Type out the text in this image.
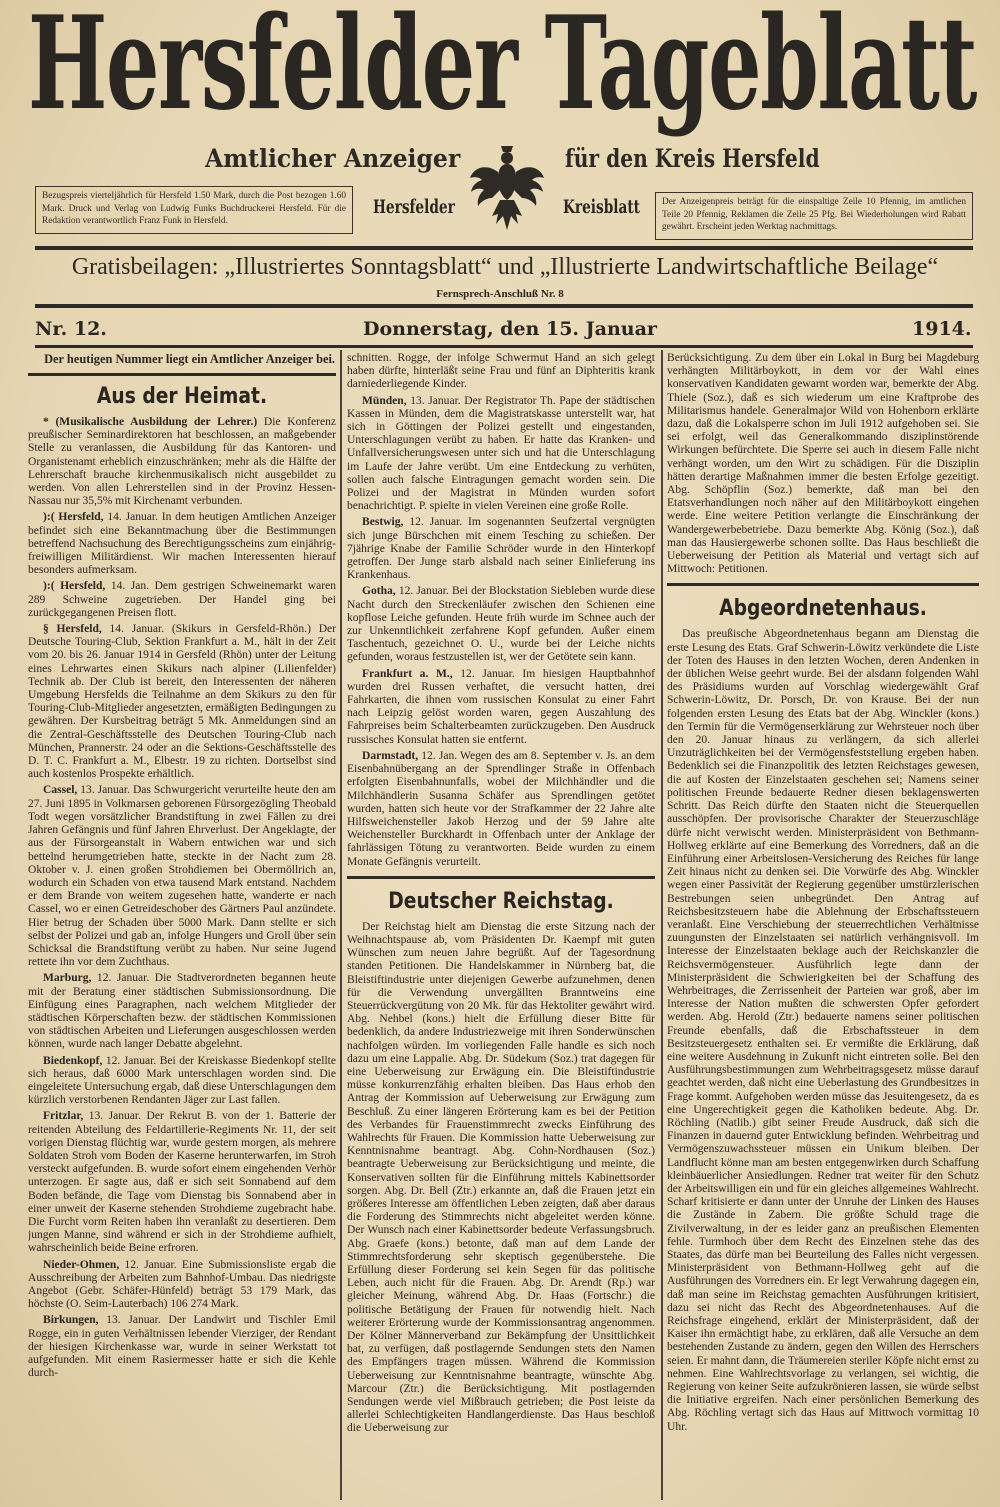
Hersfelder Tageblatt
Amtlicher Anzeiger	für den Kreis Hersfeld
Bezugspreis vierteljährlich für Hersfeld 1.50 Mark, durch die Post bezogen 1.60 Mark. Druck und Verlag von Ludwig Funks Buchdruckerei Hersfeld. Für die Redaktion verantwortlich Franz Funk in Hersfeld.
Der Anzeigenpreis beträgt für die einspaltige Zeile 10 Pfennig, im amtlichen Teile 20 Pfennig, Reklamen die Zeile 25 Pfg. Bei Wiederholungen wird Rabatt gewährt. Erscheint jeden Werktag nachmittags.
Hersfelder	Kreisblatt
Gratisbeilagen: „Illustriertes Sonntagsblatt“ und „Illustrierte Landwirtschaftliche Beilage“
Fernsprech-Anschluß Nr. 8
Nr. 12.	Donnerstag, den 15. Januar	1914.
Der heutigen Nummer liegt ein Amtlicher Anzeiger bei.
Aus der Heimat.

* (Musikalische Ausbildung der Lehrer.) Die Konferenz preußischer Seminardirektoren hat beschlossen, an maßgebender Stelle zu veranlassen, die Ausbildung für das Kantoren- und Organistenamt erheblich einzuschränken; mehr als die Hälfte der Lehrerschaft brauche kirchenmusikalisch nicht ausgebildet zu werden. Von allen Lehrerstellen sind in der Provinz Hessen-Nassau nur 35,5% mit Kirchenamt verbunden.

):( Hersfeld, 14. Januar. In dem heutigen Amtlichen Anzeiger befindet sich eine Bekanntmachung über die Bestimmungen betreffend Nachsuchung des Berechtigungsscheins zum einjährig-freiwilligen Militärdienst. Wir machen Interessenten hierauf besonders aufmerksam.

):( Hersfeld, 14. Jan. Dem gestrigen Schweinemarkt waren 289 Schweine zugetrieben. Der Handel ging bei zurückgegangenen Preisen flott.

§ Hersfeld, 14. Januar. (Skikurs in Gersfeld-Rhön.) Der Deutsche Touring-Club, Sektion Frankfurt a. M., hält in der Zeit vom 20. bis 26. Januar 1914 in Gersfeld (Rhön) unter der Leitung eines Lehrwartes einen Skikurs nach alpiner (Lilienfelder) Technik ab. Der Club ist bereit, den Interessenten der näheren Umgebung Hersfelds die Teilnahme an dem Skikurs zu den für Touring-Club-Mitglieder angesetzten, ermäßigten Bedingungen zu gewähren. Der Kursbeitrag beträgt 5 Mk. Anmeldungen sind an die Zentral-Geschäftsstelle des Deutschen Touring-Club nach München, Prannerstr. 24 oder an die Sektions-Geschäftsstelle des D. T. C. Frankfurt a. M., Elbestr. 19 zu richten. Dortselbst sind auch kostenlos Prospekte erhältlich.

Cassel, 13. Januar. Das Schwurgericht verurteilte heute den am 27. Juni 1895 in Volkmarsen geborenen Fürsorgezögling Theobald Todt wegen vorsätzlicher Brandstiftung in zwei Fällen zu drei Jahren Gefängnis und fünf Jahren Ehrverlust. Der Angeklagte, der aus der Fürsorgeanstalt in Wabern entwichen war und sich bettelnd herumgetrieben hatte, steckte in der Nacht zum 28. Oktober v. J. einen großen Strohdiemen bei Obermöllrich an, wodurch ein Schaden von etwa tausend Mark entstand. Nachdem er dem Brande von weitem zugesehen hatte, wanderte er nach Cassel, wo er einen Getreideschober des Gärtners Paul anzündete. Hier betrug der Schaden über 5000 Mark. Dann stellte er sich selbst der Polizei und gab an, infolge Hungers und Groll über sein Schicksal die Brandstiftung verübt zu haben. Nur seine Jugend rettete ihn vor dem Zuchthaus.

Marburg, 12. Januar. Die Stadtverordneten begannen heute mit der Beratung einer städtischen Submissionsordnung. Die Einfügung eines Paragraphen, nach welchem Mitglieder der städtischen Körperschaften bezw. der städtischen Kommissionen von städtischen Arbeiten und Lieferungen ausgeschlossen werden können, wurde nach langer Debatte abgelehnt.

Biedenkopf, 12. Januar. Bei der Kreiskasse Biedenkopf stellte sich heraus, daß 6000 Mark unterschlagen worden sind. Die eingeleitete Untersuchung ergab, daß diese Unterschlagungen dem kürzlich verstorbenen Rendanten Jäger zur Last fallen.

Fritzlar, 13. Januar. Der Rekrut B. von der 1. Batterie der reitenden Abteilung des Feldartillerie-Regiments Nr. 11, der seit vorigen Dienstag flüchtig war, wurde gestern morgen, als mehrere Soldaten Stroh vom Boden der Kaserne herunterwarfen, im Stroh versteckt aufgefunden. B. wurde sofort einem eingehenden Verhör unterzogen. Er sagte aus, daß er sich seit Sonnabend auf dem Boden befände, die Tage vom Dienstag bis Sonnabend aber in einer unweit der Kaserne stehenden Strohdieme zugebracht habe. Die Furcht vorm Reiten haben ihn veranlaßt zu desertieren. Dem jungen Manne, sind während er sich in der Strohdieme aufhielt, wahrscheinlich beide Beine erfroren.

Nieder-Ohmen, 12. Januar. Eine Submissionsliste ergab die Ausschreibung der Arbeiten zum Bahnhof-Umbau. Das niedrigste Angebot (Gebr. Schäfer-Hünfeld) beträgt 53 179 Mark, das höchste (O. Seim-Lauterbach) 106 274 Mark.

Birkungen, 13. Januar. Der Landwirt und Tischler Emil Rogge, ein in guten Verhältnissen lebender Vierziger, der Rendant der hiesigen Kirchenkasse war, wurde in seiner Werkstatt tot aufgefunden. Mit einem Rasiermesser hatte er sich die Kehle durch-

schnitten. Rogge, der infolge Schwermut Hand an sich gelegt haben dürfte, hinterläßt seine Frau und fünf an Diphteritis krank darniederliegende Kinder.

Münden, 13. Januar. Der Registrator Th. Pape der städtischen Kassen in Münden, dem die Magistratskasse unterstellt war, hat sich in Göttingen der Polizei gestellt und eingestanden, Unterschlagungen verübt zu haben. Er hatte das Kranken- und Unfallversicherungswesen unter sich und hat die Unterschlagung im Laufe der Jahre verübt. Um eine Entdeckung zu verhüten, sollen auch falsche Eintragungen gemacht worden sein. Die Polizei und der Magistrat in Münden wurden sofort benachrichtigt. P. spielte in vielen Vereinen eine große Rolle.

Bestwig, 12. Januar. Im sogenannten Seufzertal vergnügten sich junge Bürschchen mit einem Tesching zu schießen. Der 7jährige Knabe der Familie Schröder wurde in den Hinterkopf getroffen. Der Junge starb alsbald nach seiner Einlieferung ins Krankenhaus.

Gotha, 12. Januar. Bei der Blockstation Siebleben wurde diese Nacht durch den Streckenläufer zwischen den Schienen eine kopflose Leiche gefunden. Heute früh wurde im Schnee auch der zur Unkenntlichkeit zerfahrene Kopf gefunden. Außer einem Taschentuch, gezeichnet O. U., wurde bei der Leiche nichts gefunden, woraus festzustellen ist, wer der Getötete sein kann.

Frankfurt a. M., 12. Januar. Im hiesigen Hauptbahnhof wurden drei Russen verhaftet, die versucht hatten, drei Fahrkarten, die ihnen vom russischen Konsulat zu einer Fahrt nach Leipzig gelöst worden waren, gegen Auszahlung des Fahrpreises beim Schalterbeamten zurückzugeben. Den Ausdruck russisches Konsulat hatten sie entfernt.

Darmstadt, 12. Jan. Wegen des am 8. September v. Js. an dem Eisenbahnübergang an der Sprendlinger Straße in Offenbach erfolgten Eisenbahnunfalls, wobei der Milchhändler und die Milchhändlerin Susanna Schäfer aus Sprendlingen getötet wurden, hatten sich heute vor der Strafkammer der 22 Jahre alte Hilfsweichensteller Jakob Herzog und der 59 Jahre alte Weichensteller Burckhardt in Offenbach unter der Anklage der fahrlässigen Tötung zu verantworten. Beide wurden zu einem Monate Gefängnis verurteilt.

Deutscher Reichstag.

Der Reichstag hielt am Dienstag die erste Sitzung nach der Weihnachtspause ab, vom Präsidenten Dr. Kaempf mit guten Wünschen zum neuen Jahre begrüßt. Auf der Tagesordnung standen Petitionen. Die Handelskammer in Nürnberg bat, die Bleistiftindustrie unter diejenigen Gewerbe aufzunehmen, denen für die Verwendung unvergällten Branntweins eine Steuerrückvergütung von 20 Mk. für das Hektoliter gewährt wird. Abg. Nehbel (kons.) hielt die Erfüllung dieser Bitte für bedenklich, da andere Industriezweige mit ihren Sonderwünschen nachfolgen würden. Im vorliegenden Falle handle es sich noch dazu um eine Lappalie. Abg. Dr. Südekum (Soz.) trat dagegen für eine Ueberweisung zur Erwägung ein. Die Bleistiftindustrie müsse konkurrenzfähig erhalten bleiben. Das Haus erhob den Antrag der Kommission auf Ueberweisung zur Erwägung zum Beschluß. Zu einer längeren Erörterung kam es bei der Petition des Verbandes für Frauenstimmrecht zwecks Einführung des Wahlrechts für Frauen. Die Kommission hatte Ueberweisung zur Kenntnisnahme beantragt. Abg. Cohn-Nordhausen (Soz.) beantragte Ueberweisung zur Berücksichtigung und meinte, die Konservativen sollten für die Einführung mittels Kabinettsorder sorgen. Abg. Dr. Bell (Ztr.) erkannte an, daß die Frauen jetzt ein größeres Interesse am öffentlichen Leben zeigten, daß aber daraus die Forderung des Stimmrechts nicht abgeleitet werden könne. Der Wunsch nach einer Kabinettsorder bedeute Verfassungsbruch. Abg. Graefe (kons.) betonte, daß man auf dem Lande der Stimmrechtsforderung sehr skeptisch gegenüberstehe. Die Erfüllung dieser Forderung sei kein Segen für das politische Leben, auch nicht für die Frauen. Abg. Dr. Arendt (Rp.) war gleicher Meinung, während Abg. Dr. Haas (Fortschr.) die politische Betätigung der Frauen für notwendig hielt. Nach weiterer Erörterung wurde der Kommissionsantrag angenommen. Der Kölner Männerverband zur Bekämpfung der Unsittlichkeit bat, zu verfügen, daß postlagernde Sendungen stets den Namen des Empfängers tragen müssen. Während die Kommission Ueberweisung zur Kenntnisnahme beantragte, wünschte Abg. Marcour (Ztr.) die Berücksichtigung. Mit postlagernden Sendungen werde viel Mißbrauch getrieben; die Post leiste da allerlei Schlechtigkeiten Handlangerdienste. Das Haus beschloß die Ueberweisung zur

Berücksichtigung. Zu dem über ein Lokal in Burg bei Magdeburg verhängten Militärboykott, in dem vor der Wahl eines konservativen Kandidaten gewarnt worden war, bemerkte der Abg. Thiele (Soz.), daß es sich wiederum um eine Kraftprobe des Militarismus handele. Generalmajor Wild von Hohenborn erklärte dazu, daß die Lokalsperre schon im Juli 1912 aufgehoben sei. Sie sei erfolgt, weil das Generalkommando disziplinstörende Wirkungen befürchtete. Die Sperre sei auch in diesem Falle nicht verhängt worden, um den Wirt zu schädigen. Für die Disziplin hätten derartige Maßnahmen immer die besten Erfolge gezeitigt. Abg. Schöpflin (Soz.) bemerkte, daß man bei den Etatsverhandlungen noch näher auf den Militärboykott eingehen werde. Eine weitere Petition verlangte die Einschränkung der Wandergewerbebetriebe. Dazu bemerkte Abg. König (Soz.), daß man das Hausiergewerbe schonen sollte. Das Haus beschließt die Ueberweisung der Petition als Material und vertagt sich auf Mittwoch: Petitionen.

Abgeordnetenhaus.

Das preußische Abgeordnetenhaus begann am Dienstag die erste Lesung des Etats. Graf Schwerin-Löwitz verkündete die Liste der Toten des Hauses in den letzten Wochen, deren Andenken in der üblichen Weise geehrt wurde. Bei der alsdann folgenden Wahl des Präsidiums wurden auf Vorschlag wiedergewählt Graf Schwerin-Löwitz, Dr. Porsch, Dr. von Krause. Bei der nun folgenden ersten Lesung des Etats bat der Abg. Winckler (kons.) den Termin für die Vermögenserklärung zur Wehrsteuer noch über den 20. Januar hinaus zu verlängern, da sich allerlei Unzuträglichkeiten bei der Vermögensfeststellung ergeben haben. Bedenklich sei die Finanzpolitik des letzten Reichstages gewesen, die auf Kosten der Einzelstaaten geschehen sei; Namens seiner politischen Freunde bedauerte Redner diesen beklagenswerten Schritt. Das Reich dürfte den Staaten nicht die Steuerquellen ausschöpfen. Der provisorische Charakter der Steuerzuschläge dürfe nicht verwischt werden. Ministerpräsident von Bethmann-Hollweg erklärte auf eine Bemerkung des Vorredners, daß an die Einführung einer Arbeitslosen-Versicherung des Reiches für lange Zeit hinaus nicht zu denken sei. Die Vorwürfe des Abg. Winckler wegen einer Passivität der Regierung gegenüber umstürzlerischen Bestrebungen seien unbegründet. Den Antrag auf Reichsbesitzsteuern habe die Ablehnung der Erbschaftssteuern veranlaßt. Eine Verschiebung der steuerrechtlichen Verhältnisse zuungunsten der Einzelstaaten sei natürlich verhängnisvoll. Im Interesse der Einzelstaaten beklage auch der Reichskanzler die Reichsvermögensteuer. Ausführlich legte dann der Ministerpräsident die Schwierigkeiten bei der Schaffung des Wehrbeitrages, die Zerrissenheit der Parteien war groß, aber im Interesse der Nation mußten die schwersten Opfer gefordert werden. Abg. Herold (Ztr.) bedauerte namens seiner politischen Freunde ebenfalls, daß die Erbschaftssteuer in dem Besitzsteuergesetz enthalten sei. Er vermißte die Erklärung, daß eine weitere Ausdehnung in Zukunft nicht eintreten solle. Bei den Ausführungsbestimmungen zum Wehrbeitragsgesetz müsse darauf geachtet werden, daß nicht eine Ueberlastung des Grundbesitzes in Frage kommt. Aufgehoben werden müsse das Jesuitengesetz, da es eine Ungerechtigkeit gegen die Katholiken bedeute. Abg. Dr. Röchling (Natlib.) gibt seiner Freude Ausdruck, daß sich die Finanzen in dauernd guter Entwicklung befinden. Wehrbeitrag und Vermögenszuwachssteuer müssen ein Unikum bleiben. Der Landflucht könne man am besten entgegenwirken durch Schaffung kleinbäuerlicher Ansiedlungen. Redner trat weiter für den Schutz der Arbeitswilligen ein und für ein gleiches allgemeines Wahlrecht. Scharf kritisierte er dann unter der Unruhe der Linken des Hauses die Zustände in Zabern. Die größte Schuld trage die Zivilverwaltung, in der es leider ganz an preußischen Elementen fehle. Turmhoch über dem Recht des Einzelnen stehe das des Staates, das dürfe man bei Beurteilung des Falles nicht vergessen. Ministerpräsident von Bethmann-Hollweg geht auf die Ausführungen des Vorredners ein. Er legt Verwahrung dagegen ein, daß man seine im Reichstag gemachten Ausführungen kritisiert, dazu sei nicht das Recht des Abgeordnetenhauses. Auf die Reichsfrage eingehend, erklärt der Ministerpräsident, daß der Kaiser ihn ermächtigt habe, zu erklären, daß alle Versuche an dem bestehenden Zustande zu ändern, gegen den Willen des Herrschers seien. Er mahnt dann, die Träumereien steriler Köpfe nicht ernst zu nehmen. Eine Wahlrechtsvorlage zu verlangen, sei wichtig, die Regierung von keiner Seite aufzukrönieren lassen, sie würde selbst die Initiative ergreifen. Nach einer persönlichen Bemerkung des Abg. Röchling vertagt sich das Haus auf Mittwoch vormittag 10 Uhr.
